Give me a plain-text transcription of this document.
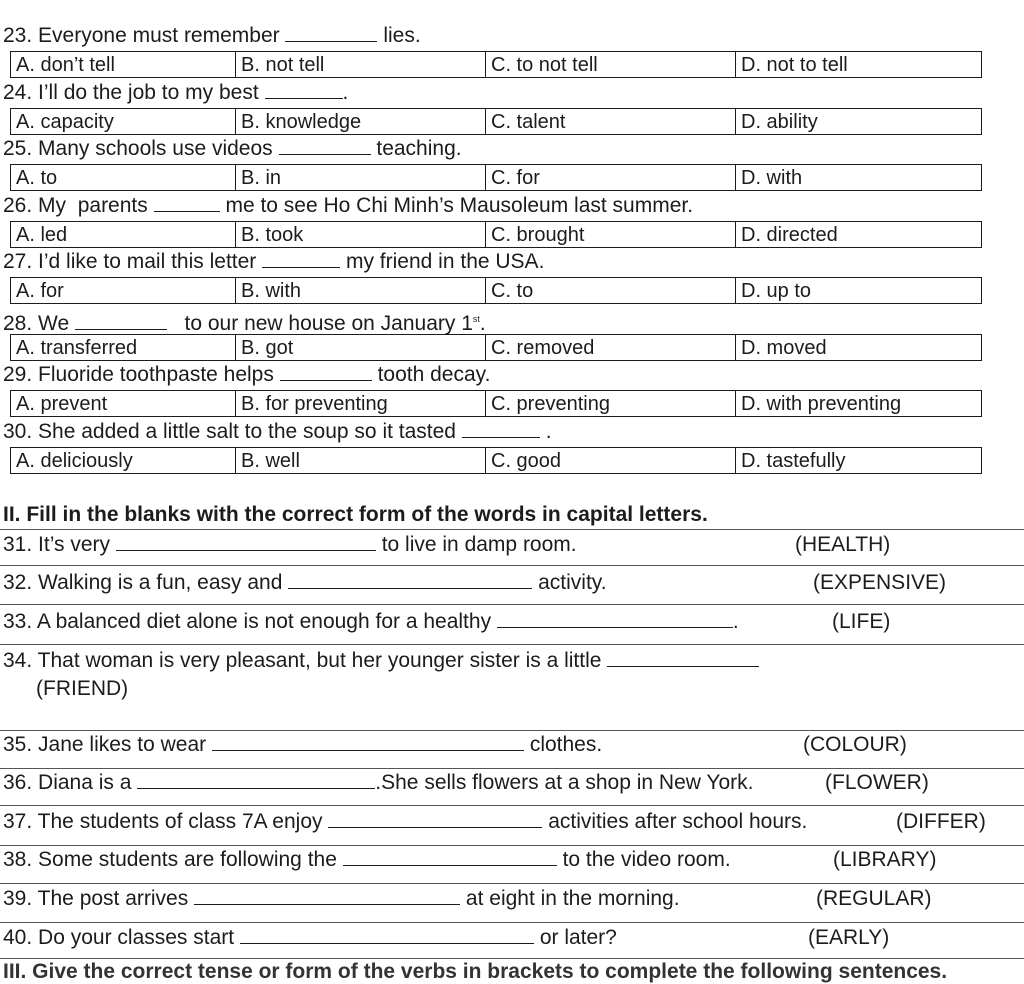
23. Everyone must remember	lies.
A. don’t tell	B. not tell	C. to not tell	D. not to tell
24. I’ll do the job to my best	.
A. capacity	B. knowledge	C. talent	D. ability
25. Many schools use videos	teaching.
A. to	B. in	C. for	D. with
26. My  parents	me to see Ho Chi Minh’s Mausoleum last summer.
A. led	B. took	C. brought	D. directed
27. I’d like to mail this letter	my friend in the USA.
A. for	B. with	C. to	D. up to
28. We	to our new house on January 1st.
A. transferred	B. got	C. removed	D. moved
29. Fluoride toothpaste helps	tooth decay.
A. prevent	B. for preventing	C. preventing	D. with preventing
30. She added a little salt to the soup so it tasted	.
A. deliciously	B. well	C. good	D. tastefully
II. Fill in the blanks with the correct form of the words in capital letters.
31. It’s very	to live in damp room.	(HEALTH)
32. Walking is a fun, easy and	activity.	(EXPENSIVE)
33. A balanced diet alone is not enough for a healthy	.	(LIFE)
34. That woman is very pleasant, but her younger sister is a little
(FRIEND)
35. Jane likes to wear	clothes.	(COLOUR)
36. Diana is a	.She sells flowers at a shop in New York.	(FLOWER)
37. The students of class 7A enjoy	activities after school hours.	(DIFFER)
38. Some students are following the	to the video room.	(LIBRARY)
39. The post arrives	at eight in the morning.	(REGULAR)
40. Do your classes start	or later?	(EARLY)
III. Give the correct tense or form of the verbs in brackets to complete the following sentences.
